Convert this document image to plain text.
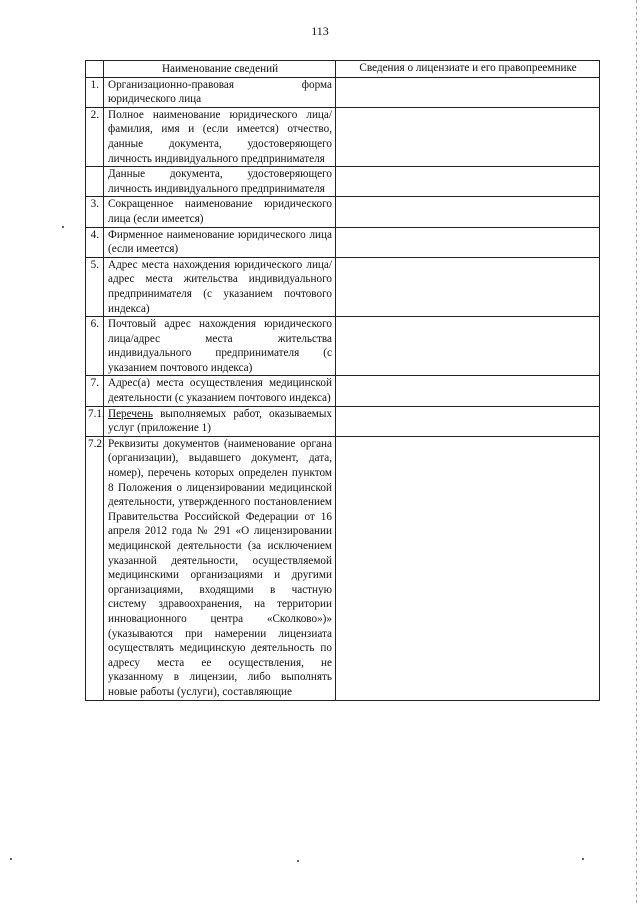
113
	Наименование сведений	Сведения о лицензиате и его правопреемнике
1.	Организационно-правовая форма юридического лица	
2.	Полное наименование юридического лица/фамилия, имя и (если имеется) отчество, данные документа, удостоверяющего личность индивидуального предпринимателя	
	Данные документа, удостоверяющего личность индивидуального предпринимателя	
3.	Сокращенное наименование юридического лица (если имеется)	
4.	Фирменное наименование юридического лица (если имеется)	
5.	Адрес места нахождения юридического лица/адрес места жительства индивидуального предпринимателя (с указанием почтового индекса)	
6.	Почтовый адрес нахождения юридического лица/адрес места жительства индивидуального предпринимателя (с указанием почтового индекса)	
7.	Адрес(а) места осуществления медицинской деятельности (с указанием почтового индекса)	
7.1.	Перечень выполняемых работ, оказываемых услуг (приложение 1)	
7.2.	Реквизиты документов (наименование органа (организации), выдавшего документ, дата, номер), перечень которых определен пунктом 8 Положения о лицензировании медицинской деятельности, утвержденного постановлением Правительства Российской Федерации от 16 апреля 2012 года № 291 «О лицензировании медицинской деятельности (за исключением указанной деятельности, осуществляемой медицинскими организациями и другими организациями, входящими в частную систему здравоохранения, на территории инновационного центра «Сколково»)» (указываются при намерении лицензиата осуществлять медицинскую деятельность по адресу места ее осуществления, не указанному в лицензии, либо выполнять новые работы (услуги), составляющие	
